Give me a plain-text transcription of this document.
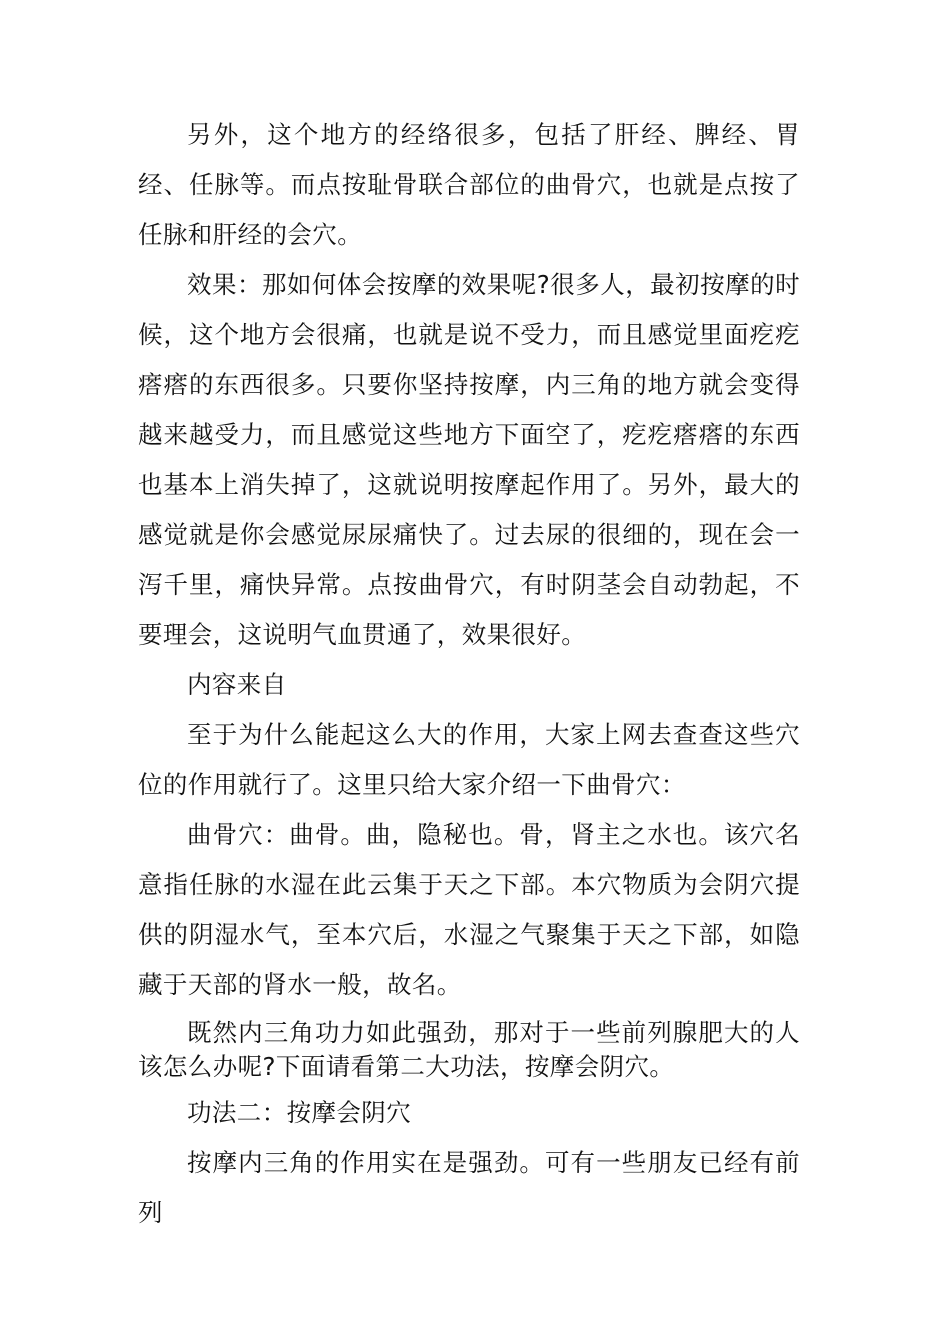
另外，这个地方的经络很多，包括了肝经、脾经、胃经、任脉等。而点按耻骨联合部位的曲骨穴，也就是点按了任脉和肝经的会穴。

效果：那如何体会按摩的效果呢?很多人，最初按摩的时候，这个地方会很痛，也就是说不受力，而且感觉里面疙疙瘩瘩的东西很多。只要你坚持按摩，内三角的地方就会变得越来越受力，而且感觉这些地方下面空了，疙疙瘩瘩的东西也基本上消失掉了，这就说明按摩起作用了。另外，最大的感觉就是你会感觉尿尿痛快了。过去尿的很细的，现在会一泻千里，痛快异常。点按曲骨穴，有时阴茎会自动勃起，不要理会，这说明气血贯通了，效果很好。

内容来自

至于为什么能起这么大的作用，大家上网去查查这些穴位的作用就行了。这里只给大家介绍一下曲骨穴：

曲骨穴：曲骨。曲，隐秘也。骨，肾主之水也。该穴名意指任脉的水湿在此云集于天之下部。本穴物质为会阴穴提供的阴湿水气，至本穴后，水湿之气聚集于天之下部，如隐藏于天部的肾水一般，故名。

既然内三角功力如此强劲，那对于一些前列腺肥大的人该怎么办呢?下面请看第二大功法，按摩会阴穴。

功法二：按摩会阴穴

按摩内三角的作用实在是强劲。可有一些朋友已经有前列
